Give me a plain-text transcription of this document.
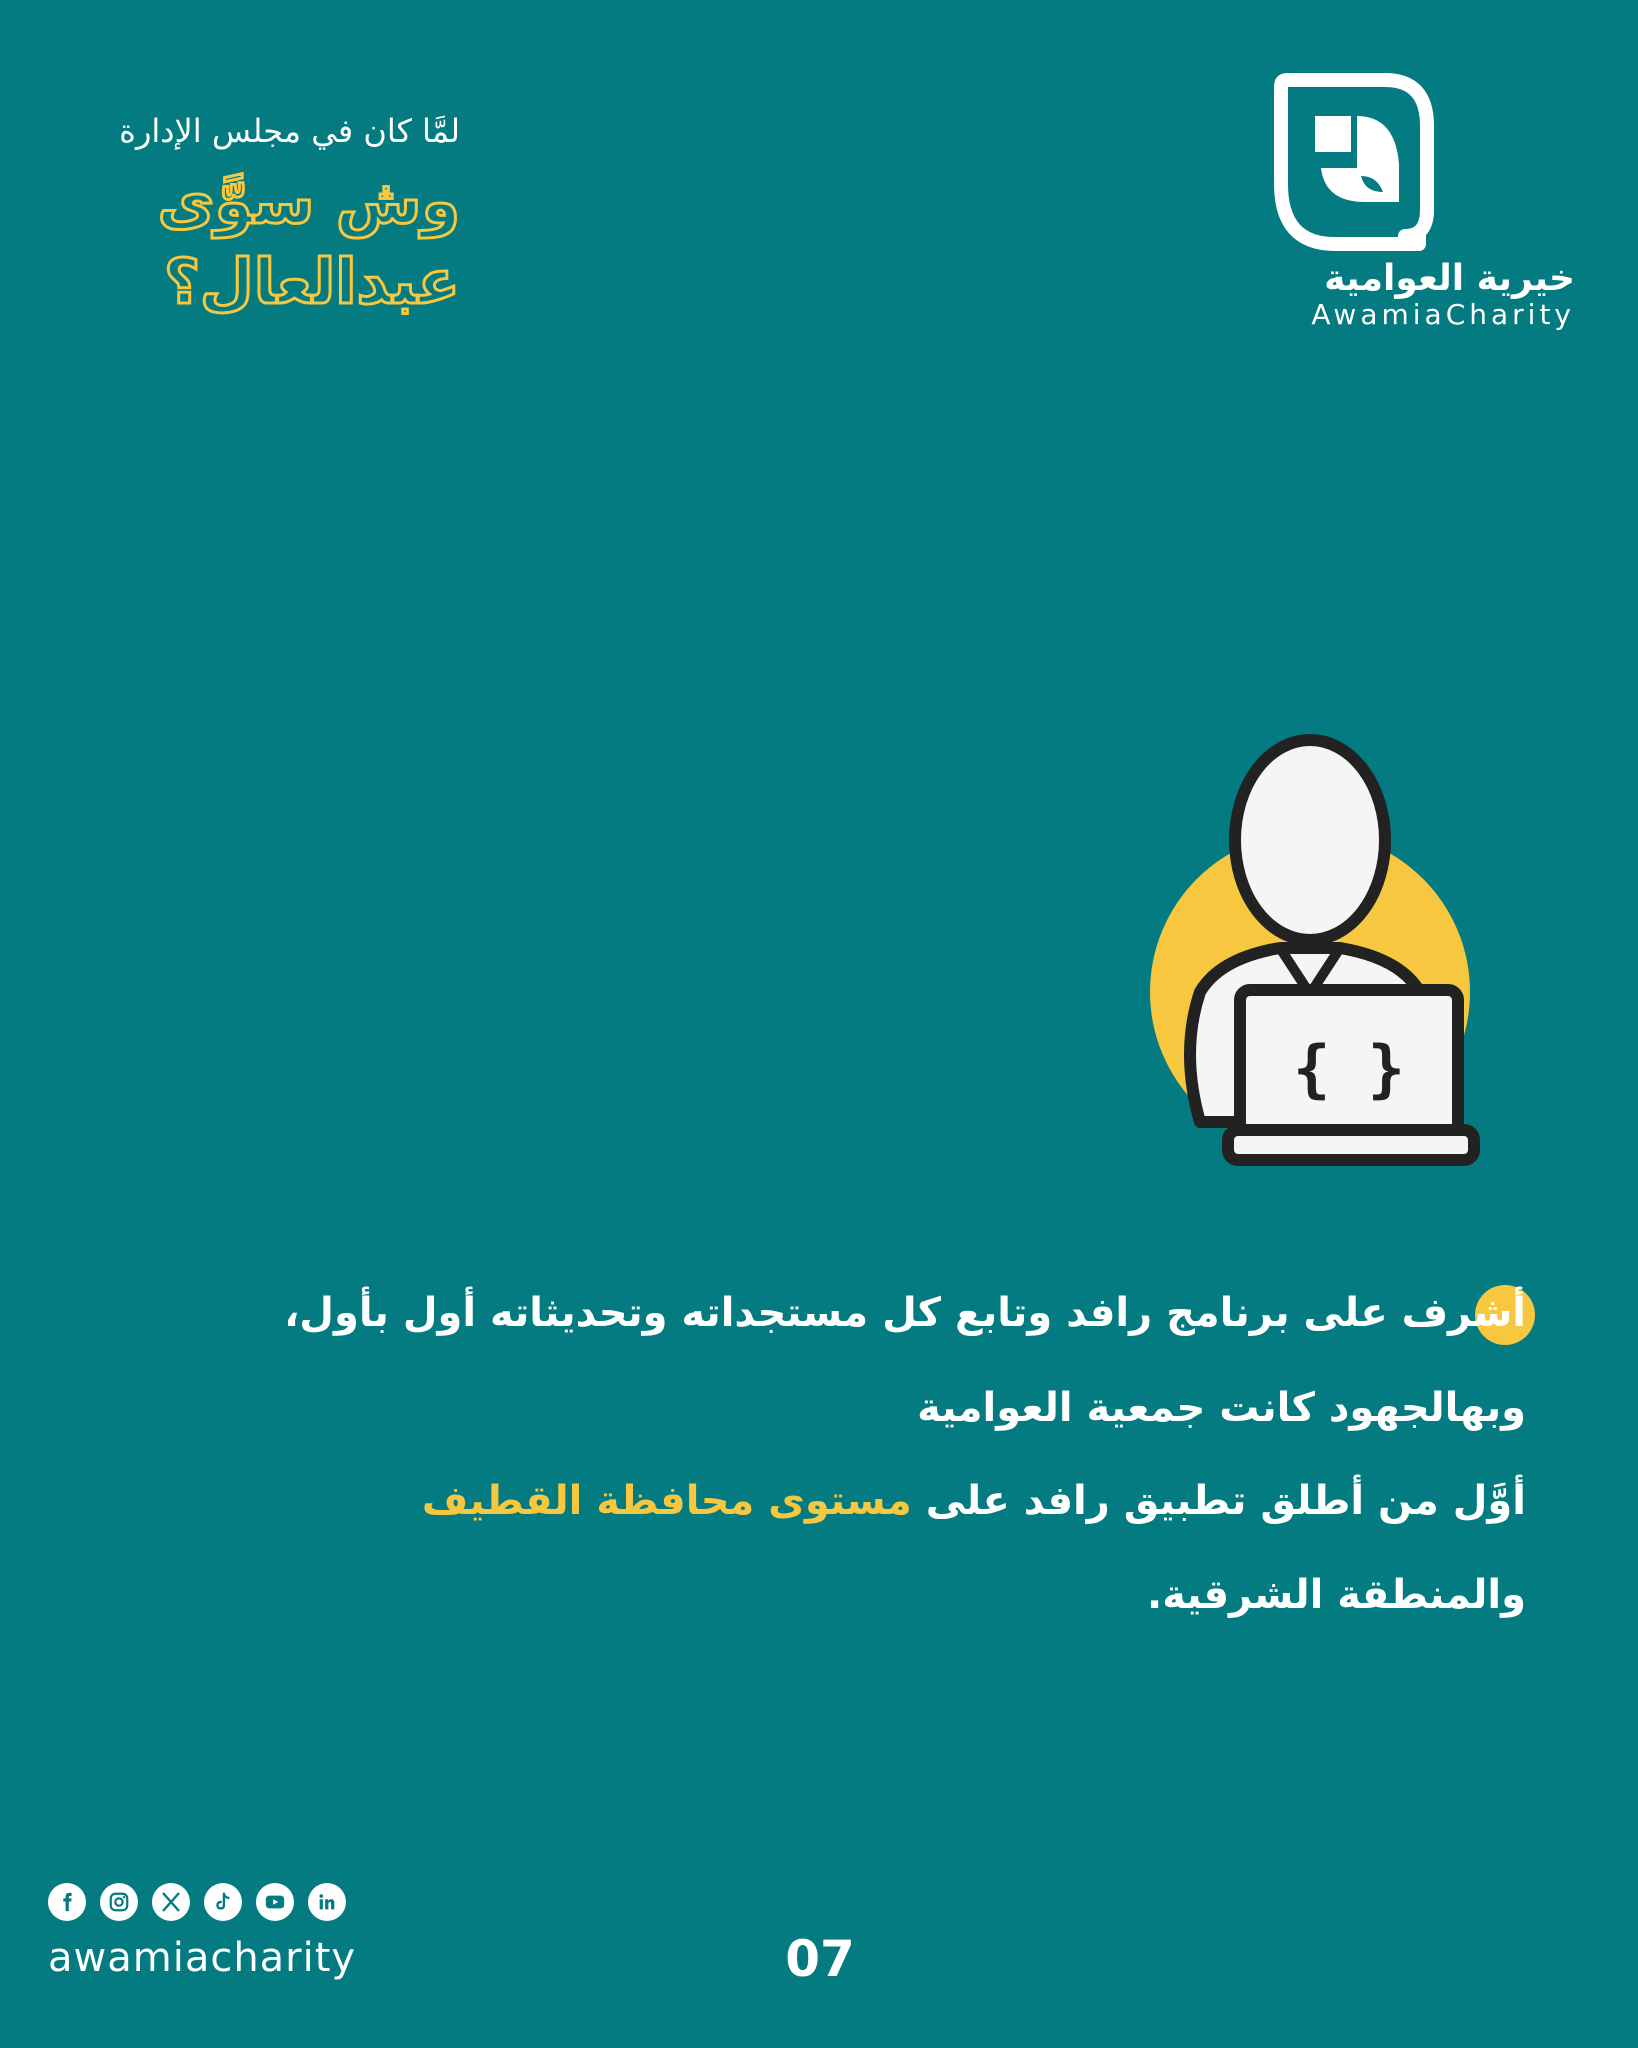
لمَّا كان في مجلس الإدارة
وش سوَّى
عبدالعال؟	خيرية العوامية
AwamiaCharity
{ }
أشرف على برنامج رافد وتابع كل مستجداته وتحديثاته أول بأول،
وبهالجهود كانت جمعية العوامية
أوَّل من أطلق تطبيق رافد على مستوى محافظة القطيف
والمنطقة الشرقية.
awamiacharity	07
